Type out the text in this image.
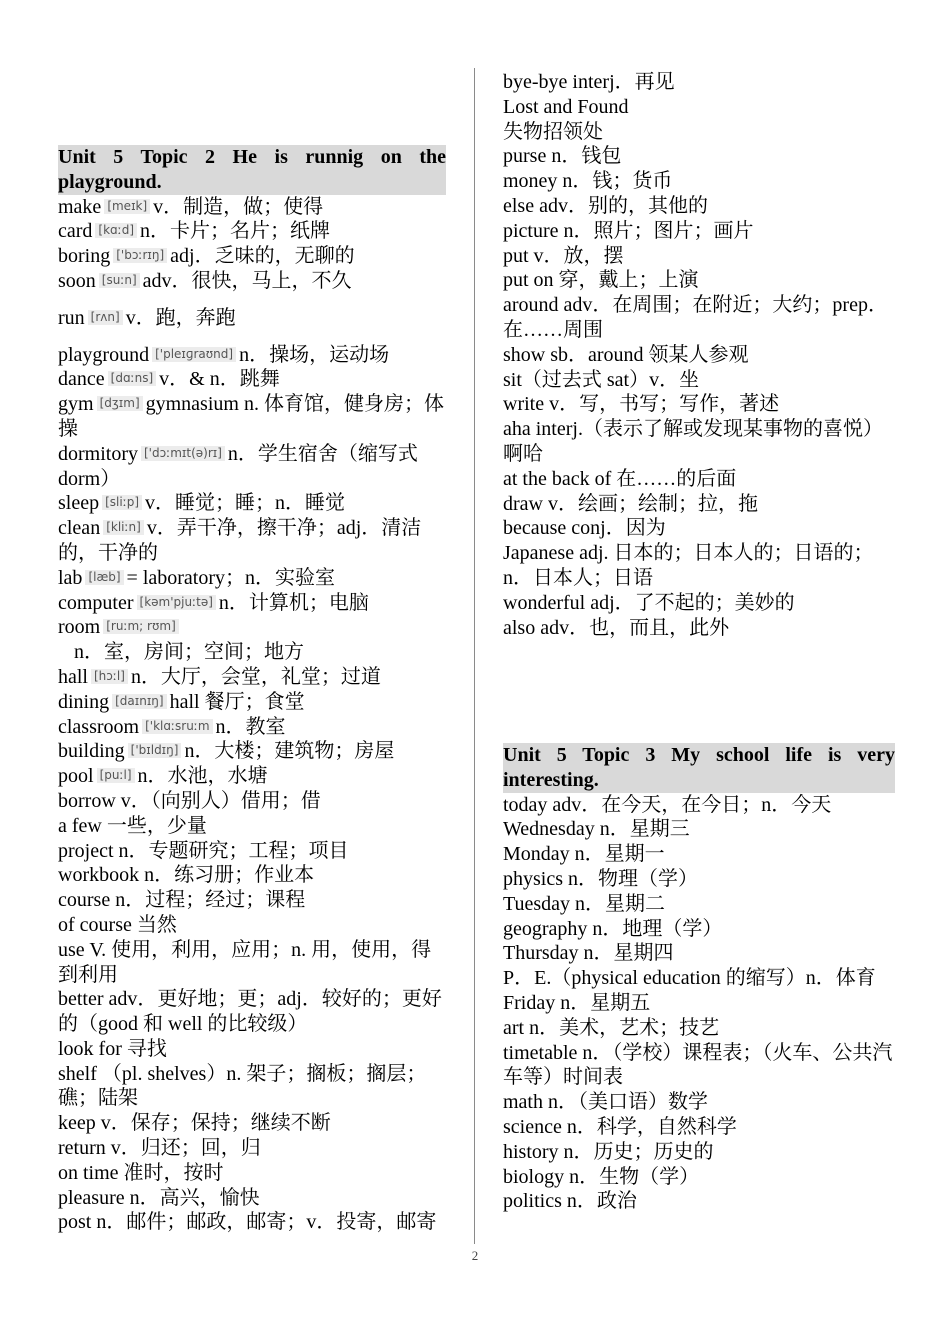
Unit 5 Topic 2 He is runnig on the playground.
make [meɪk] v．制造，做；使得
card [kɑːd] n．卡片；名片；纸牌
boring ['bɔːrɪŋ] adj．乏味的，无聊的
soon [suːn] adv．很快，马上，不久
run [rʌn] v．跑，奔跑
playground ['pleɪɡraʊnd] n．操场，运动场
dance [dɑːns] v．& n．跳舞
gym [dʒɪm] gymnasium n. 体育馆，健身房；体操
dormitory ['dɔːmɪt(ə)rɪ] n．学生宿舍（缩写式 dorm）
sleep [sliːp] v．睡觉；睡；n．睡觉
clean [kliːn] v．弄干净，擦干净；adj．清洁的，干净的
lab [læb] = laboratory；n．实验室
computer [kəm'pjuːtə] n．计算机；电脑
room [ruːm; rʊm]
n．室，房间；空间；地方
hall [hɔːl] n．大厅，会堂，礼堂；过道
dining [daɪnɪŋ] hall 餐厅；食堂
classroom ['klɑːsruːm n．教室
building ['bɪldɪŋ] n．大楼；建筑物；房屋
pool [puːl] n．水池，水塘
borrow v．（向别人）借用；借
a few 一些，少量
project n．专题研究；工程；项目
workbook n．练习册；作业本
course n．过程；经过；课程
of course 当然
use V. 使用，利用，应用；n. 用，使用，得到利用
better adv．更好地；更；adj．较好的；更好的（good 和 well 的比较级）
look for 寻找
shelf （pl. shelves）n. 架子；搁板；搁层；礁；陆架
keep v．保存；保持；继续不断
return v．归还；回，归
on time 准时，按时
pleasure n．高兴，愉快
post n．邮件；邮政，邮寄；v．投寄，邮寄
bye-bye interj．再见
Lost and Found
失物招领处
purse n．钱包
money n．钱；货币
else adv．别的，其他的
picture n．照片；图片；画片
put v．放，摆
put on 穿，戴上；上演
around adv．在周围；在附近；大约；prep．在……周围
show sb．around 领某人参观
sit（过去式 sat）v．坐
write v．写，书写；写作，著述
aha interj.（表示了解或发现某事物的喜悦）啊哈
at the back of 在……的后面
draw v．绘画；绘制；拉，拖
because conj．因为
Japanese adj. 日本的；日本人的；日语的；n．日本人；日语
wonderful adj．了不起的；美妙的
also adv．也，而且，此外
Unit 5 Topic 3 My school life is very interesting.
today adv．在今天，在今日；n．今天
Wednesday n．星期三
Monday n．星期一
physics n．物理（学）
Tuesday n．星期二
geography n．地理（学）
Thursday n．星期四
P．E.（physical education 的缩写）n．体育
Friday n．星期五
art n．美术，艺术；技艺
timetable n．（学校）课程表；（火车、公共汽车等）时间表
math n．（美口语）数学
science n．科学，自然科学
history n．历史；历史的
biology n．生物（学）
politics n．政治
2
